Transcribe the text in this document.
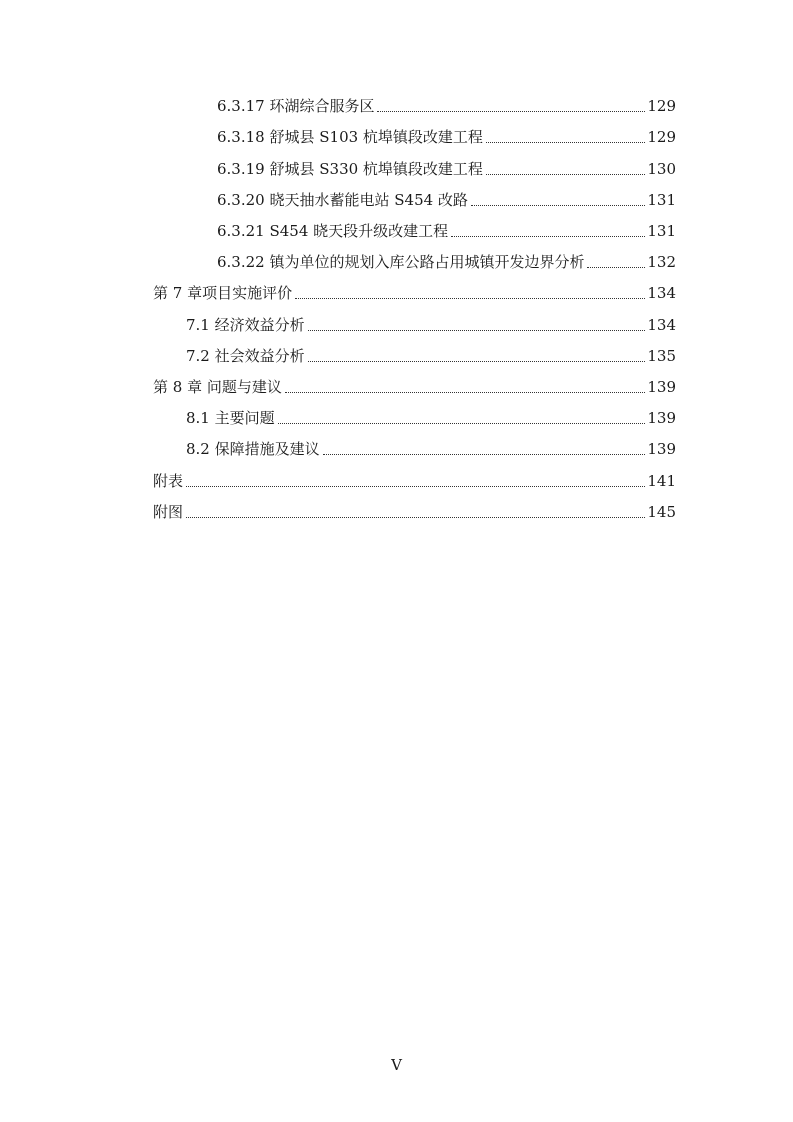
6.3.17 环湖综合服务区	129
6.3.18 舒城县 S103 杭埠镇段改建工程	129
6.3.19 舒城县 S330 杭埠镇段改建工程	130
6.3.20 晓天抽水蓄能电站 S454 改路	131
6.3.21 S454 晓天段升级改建工程	131
6.3.22 镇为单位的规划入库公路占用城镇开发边界分析	132
第 7 章项目实施评价	134
7.1 经济效益分析	134
7.2 社会效益分析	135
第 8 章 问题与建议	139
8.1 主要问题	139
8.2 保障措施及建议	139
附表	141
附图	145
V
